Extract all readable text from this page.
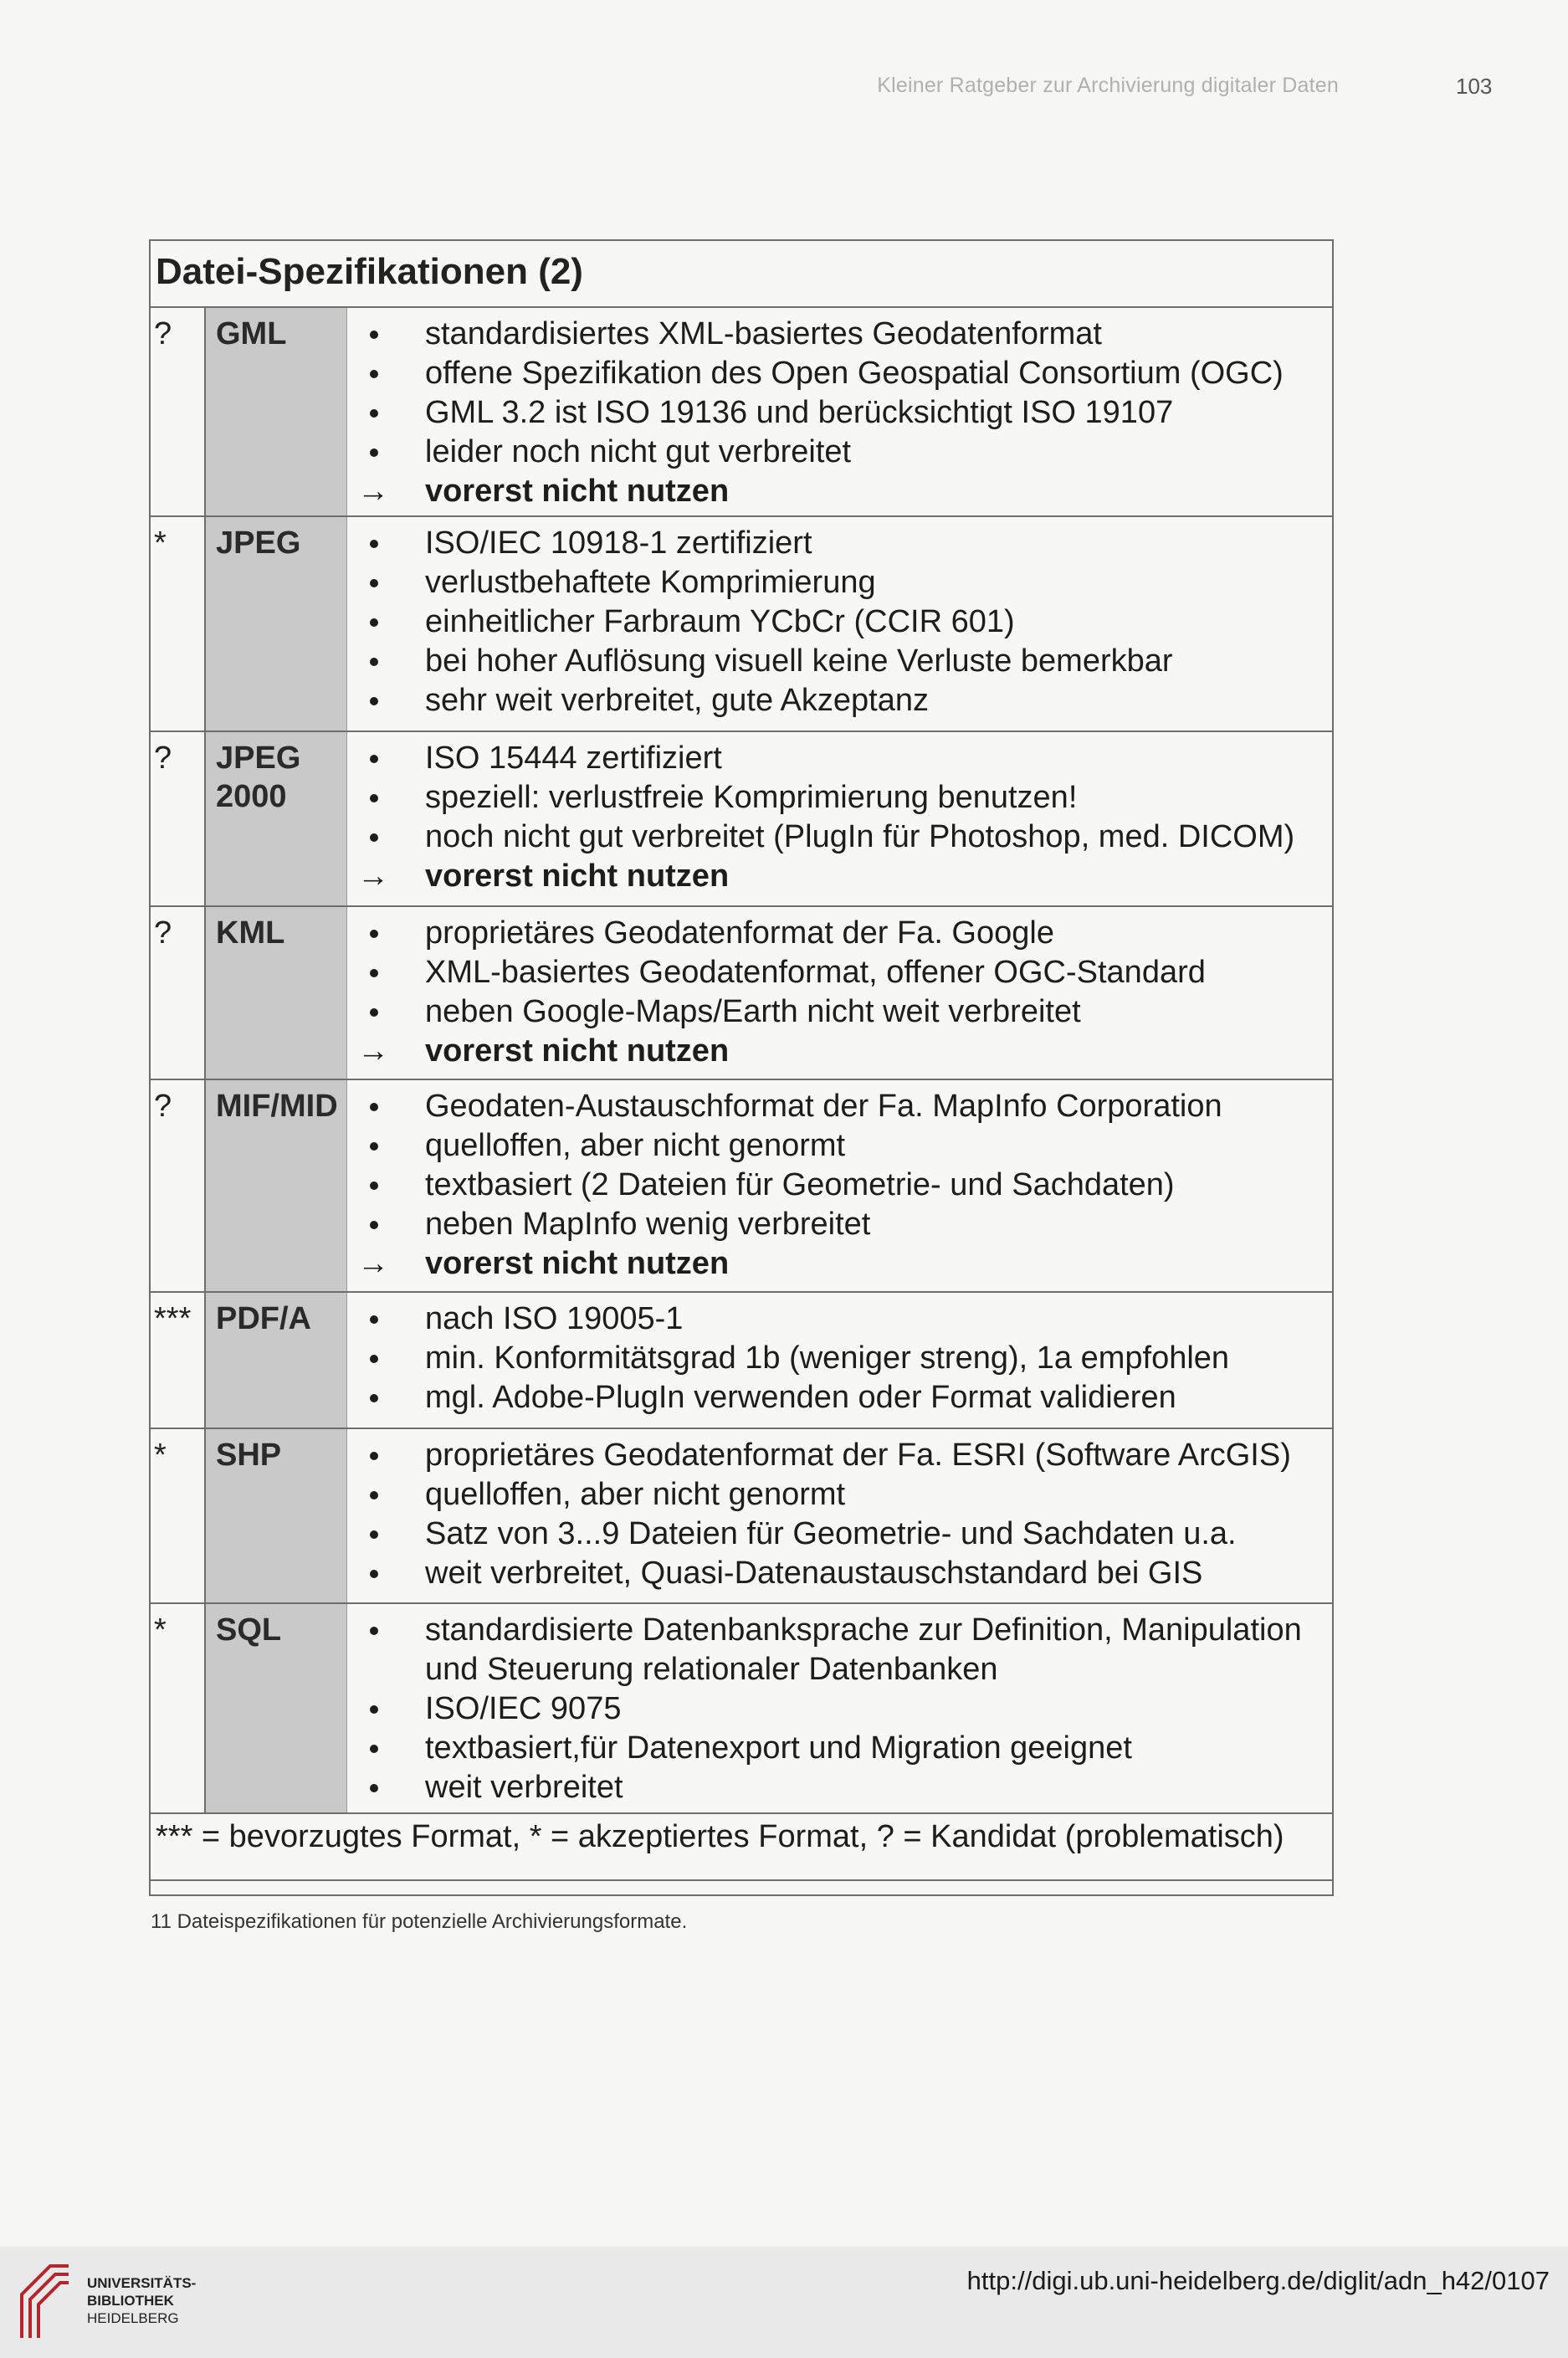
Kleiner Ratgeber zur Archivierung digitaler Daten	103
Datei-Spezifikationen (2)
?	GML	standardisiertes XML-basiertes Geodatenformat
offene Spezifikation des Open Geospatial Consortium (OGC)
GML 3.2 ist ISO 19136 und berücksichtigt ISO 19107
leider noch nicht gut verbreitet
→ vorerst nicht nutzen
*	JPEG	ISO/IEC 10918-1 zertifiziert
verlustbehaftete Komprimierung
einheitlicher Farbraum YCbCr (CCIR 601)
bei hoher Auflösung visuell keine Verluste bemerkbar
sehr weit verbreitet, gute Akzeptanz
?	JPEG
2000
ISO 15444 zertifiziert
speziell: verlustfreie Komprimierung benutzen!
noch nicht gut verbreitet (PlugIn für Photoshop, med. DICOM)
→ vorerst nicht nutzen
?	KML	proprietäres Geodatenformat der Fa. Google
XML-basiertes Geodatenformat, offener OGC-Standard
neben Google-Maps/Earth nicht weit verbreitet
→ vorerst nicht nutzen
?	MIF/MID	Geodaten-Austauschformat der Fa. MapInfo Corporation
quelloffen, aber nicht genormt
textbasiert (2 Dateien für Geometrie- und Sachdaten)
neben MapInfo wenig verbreitet
→ vorerst nicht nutzen
*** PDF/A	nach ISO 19005-1
min. Konformitätsgrad 1b (weniger streng), 1a empfohlen
mgl. Adobe-PlugIn verwenden oder Format validieren
*	SHP	proprietäres Geodatenformat der Fa. ESRI (Software ArcGIS)
quelloffen, aber nicht genormt
Satz von 3...9 Dateien für Geometrie- und Sachdaten u.a.
weit verbreitet, Quasi-Datenaustauschstandard bei GIS
*	SQL	standardisierte Datenbanksprache zur Definition, Manipulation und Steuerung relationaler Datenbanken
ISO/IEC 9075
textbasiert,für Datenexport und Migration geeignet
weit verbreitet
*** = bevorzugtes Format, * = akzeptiertes Format, ? = Kandidat (problematisch)
11 Dateispezifikationen für potenzielle Archivierungsformate.
UNIVERSITÄTS-
BIBLIOTHEK
HEIDELBERG
http://digi.ub.uni-heidelberg.de/diglit/adn_h42/0107
